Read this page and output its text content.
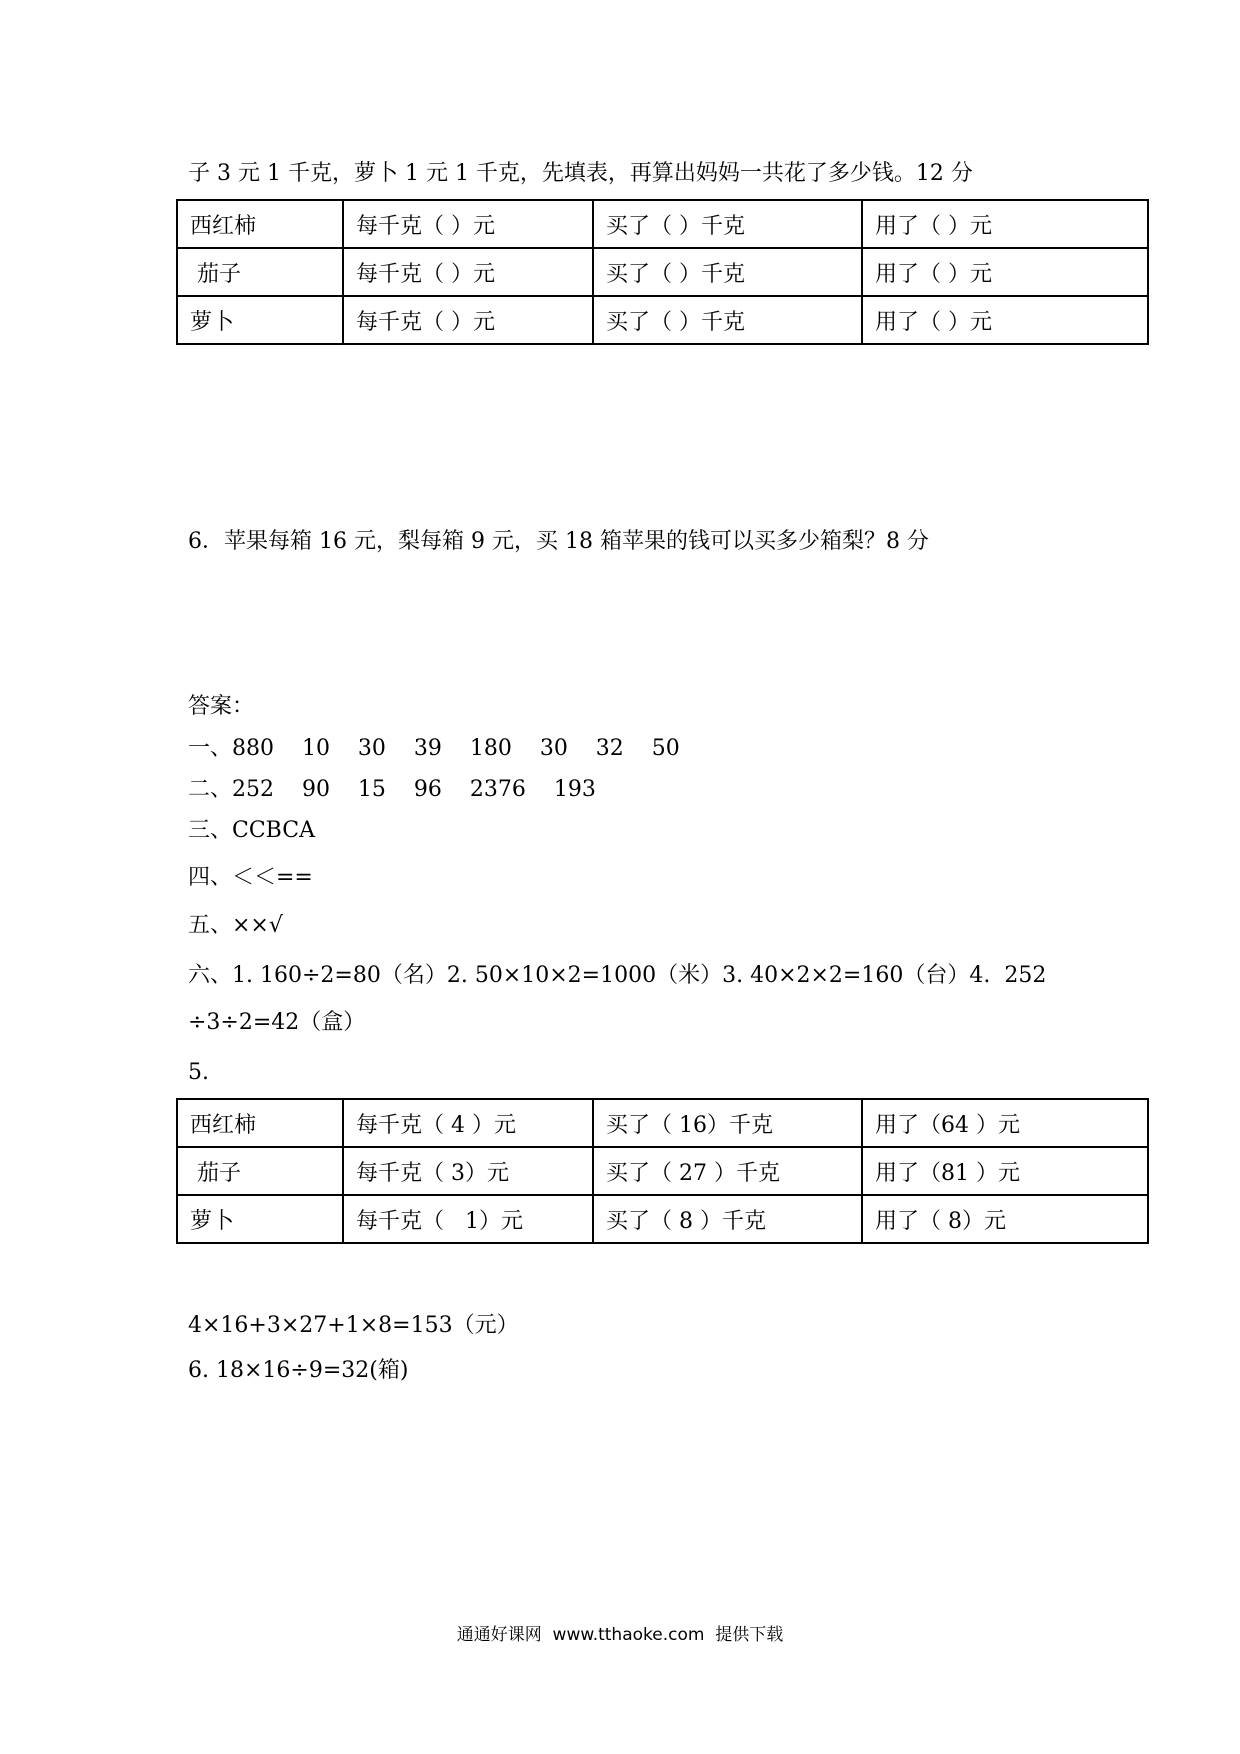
子 3 元 1 千克，萝卜 1 元 1 千克，先填表，再算出妈妈一共花了多少钱。12 分
西红柿	每千克（ ）元	买了（ ）千克	用了（ ）元
茄子	每千克（ ）元	买了（ ）千克	用了（ ）元
萝卜	每千克（ ）元	买了（ ）千克	用了（ ）元
6．苹果每箱 16 元，梨每箱 9 元，买 18 箱苹果的钱可以买多少箱梨？8 分
答案：
一、880    10    30    39    180    30    32    50
二、252    90    15    96    2376    193
三、CCBCA
四、＜＜==
五、××√
六、1. 160÷2=80（名）2. 50×10×2=1000（米）3. 40×2×2=160（台）4.  252
÷3÷2=42（盒）
5.
西红柿	每千克（ 4 ）元	买了（ 16）千克	用了（64 ）元
茄子	每千克（ 3）元	买了（ 27 ）千克	用了（81 ）元
萝卜	每千克（   1）元	买了（ 8 ）千克	用了（ 8）元
4×16+3×27+1×8=153（元）
6. 18×16÷9=32(箱)
通通好课网  www.tthaoke.com  提供下载
